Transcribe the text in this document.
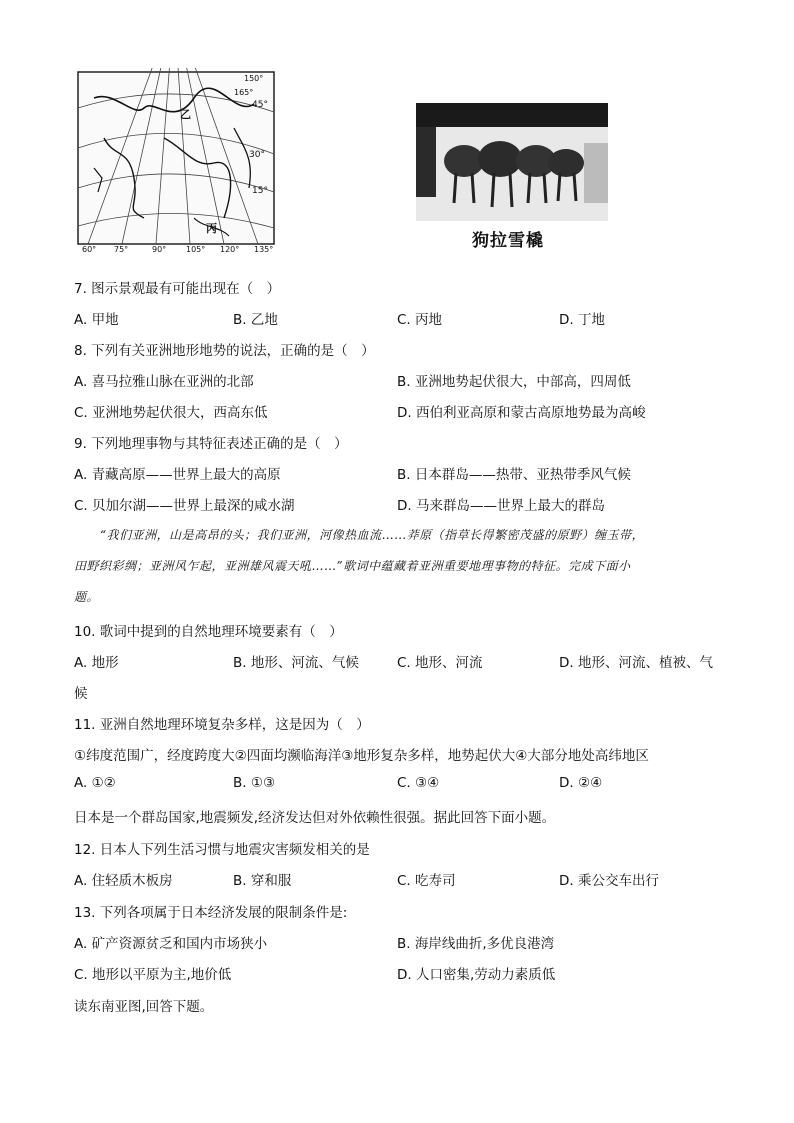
45°
30°
15°
150°
165°
乙
丙
60° 75°	90° 105° 120° 135°	狗拉雪橇
7. 图示景观最有可能出现在（　）
A. 甲地	B. 乙地	C. 丙地	D. 丁地
8. 下列有关亚洲地形地势的说法，正确的是（　）
A. 喜马拉雅山脉在亚洲的北部	B. 亚洲地势起伏很大，中部高，四周低
C. 亚洲地势起伏很大，西高东低	D. 西伯利亚高原和蒙古高原地势最为高峻
9. 下列地理事物与其特征表述正确的是（　）
A. 青藏高原——世界上最大的高原	B. 日本群岛——热带、亚热带季风气候
C. 贝加尔湖——世界上最深的咸水湖	D. 马来群岛——世界上最大的群岛
“我们亚洲，山是高昂的头；我们亚洲，河像热血流……莽原（指草长得繁密茂盛的原野）缠玉带，
田野织彩绸；亚洲风乍起，亚洲雄风震天吼……”歌词中蕴藏着亚洲重要地理事物的特征。完成下面小
题。
10. 歌词中提到的自然地理环境要素有（　）
A. 地形	B. 地形、河流、气候	C. 地形、河流	D. 地形、河流、植被、气
候
11. 亚洲自然地理环境复杂多样，这是因为（　）
①纬度范围广，经度跨度大②四面均濒临海洋③地形复杂多样，地势起伏大④大部分地处高纬地区
A. ①②	B. ①③	C. ③④	D. ②④
日本是一个群岛国家,地震频发,经济发达但对外依赖性很强。据此回答下面小题。
12. 日本人下列生活习惯与地震灾害频发相关的是
A. 住轻质木板房	B. 穿和服	C. 吃寿司	D. 乘公交车出行
13. 下列各项属于日本经济发展的限制条件是:
A. 矿产资源贫乏和国内市场狭小	B. 海岸线曲折,多优良港湾
C. 地形以平原为主,地价低	D. 人口密集,劳动力素质低
读东南亚图,回答下题。
